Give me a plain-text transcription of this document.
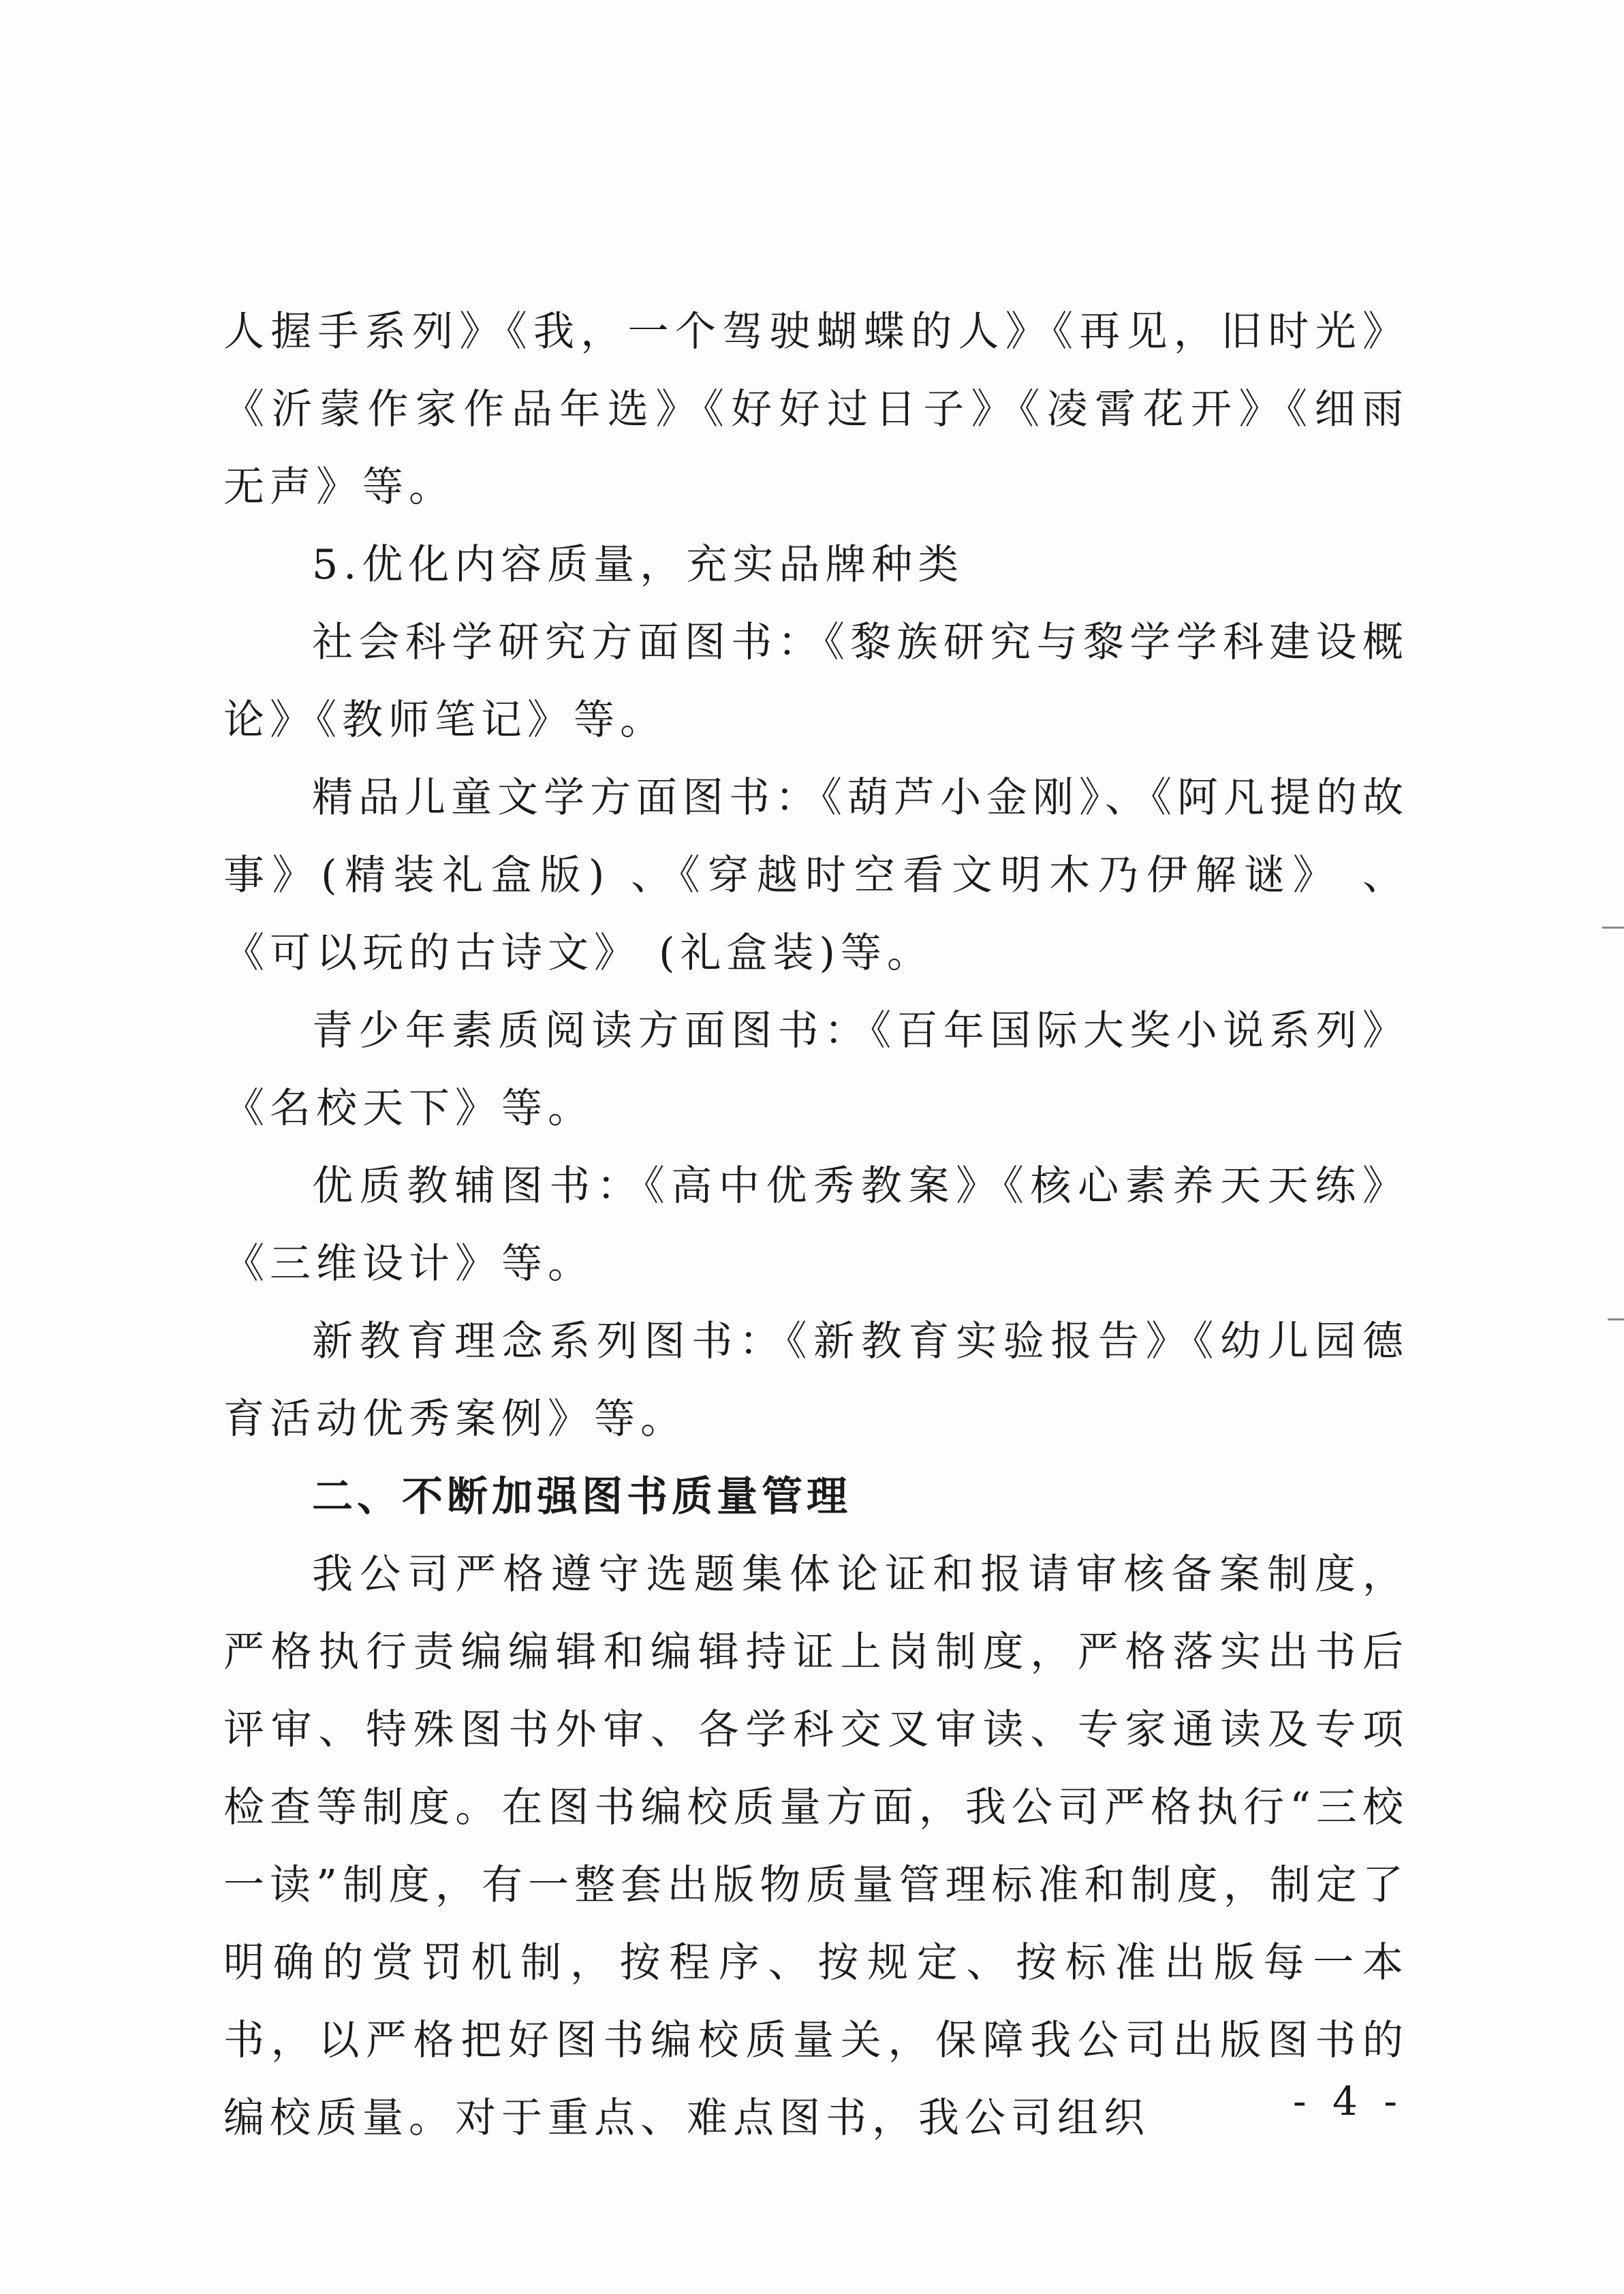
人握手系列》《我，一个驾驶蝴蝶的人》《再见，旧时光》《沂蒙作家作品年选》《好好过日子》《凌霄花开》《细雨无声》等。

5.优化内容质量，充实品牌种类

社会科学研究方面图书：《黎族研究与黎学学科建设概论》《教师笔记》等。

精品儿童文学方面图书：《葫芦小金刚》、《阿凡提的故事》(精装礼盒版) 、《穿越时空看文明木乃伊解谜》 、《可以玩的古诗文》 (礼盒装)等。

青少年素质阅读方面图书：《百年国际大奖小说系列》《名校天下》等。

优质教辅图书：《高中优秀教案》《核心素养天天练》《三维设计》等。

新教育理念系列图书：《新教育实验报告》《幼儿园德育活动优秀案例》等。

二、不断加强图书质量管理

我公司严格遵守选题集体论证和报请审核备案制度，严格执行责编编辑和编辑持证上岗制度，严格落实出书后评审、特殊图书外审、各学科交叉审读、专家通读及专项检查等制度。在图书编校质量方面，我公司严格执行“三校一读”制度，有一整套出版物质量管理标准和制度，制定了明确的赏罚机制，按程序、按规定、按标准出版每一本书，以严格把好图书编校质量关，保障我公司出版图书的编校质量。对于重点、难点图书，我公司组织	- 4 -
